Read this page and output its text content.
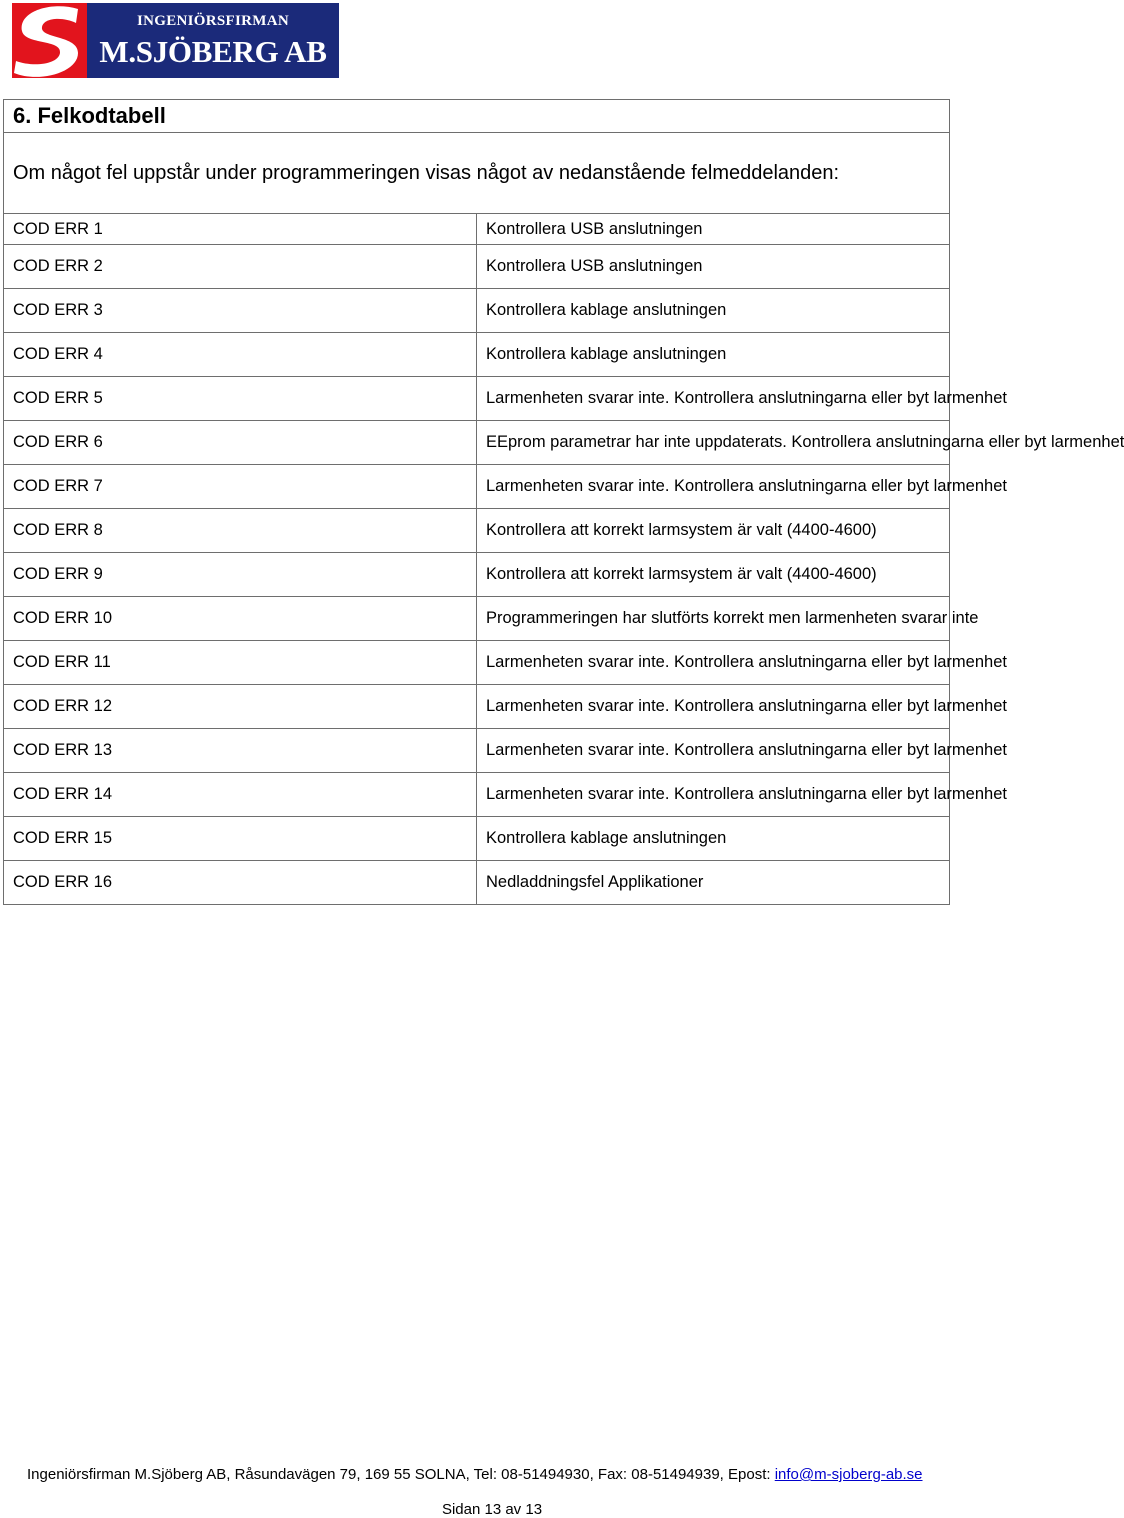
INGENIÖRSFIRMAN
M.SJÖBERG AB
6. Felkodtabell	
Om något fel uppstår under programmeringen visas något av nedanstående felmeddelanden:	
COD ERR 1	Kontrollera USB anslutningen
COD ERR 2	Kontrollera USB anslutningen
COD ERR 3	Kontrollera kablage anslutningen
COD ERR 4	Kontrollera kablage anslutningen
COD ERR 5	Larmenheten svarar inte. Kontrollera anslutningarna eller byt larmenhet
COD ERR 6	EEprom parametrar har inte uppdaterats. Kontrollera anslutningarna eller byt larmenhet
COD ERR 7	Larmenheten svarar inte. Kontrollera anslutningarna eller byt larmenhet
COD ERR 8	Kontrollera att korrekt larmsystem är valt (4400-4600)
COD ERR 9	Kontrollera att korrekt larmsystem är valt (4400-4600)
COD ERR 10	Programmeringen har slutförts korrekt men larmenheten svarar inte
COD ERR 11	Larmenheten svarar inte. Kontrollera anslutningarna eller byt larmenhet
COD ERR 12	Larmenheten svarar inte. Kontrollera anslutningarna eller byt larmenhet
COD ERR 13	Larmenheten svarar inte. Kontrollera anslutningarna eller byt larmenhet
COD ERR 14	Larmenheten svarar inte. Kontrollera anslutningarna eller byt larmenhet
COD ERR 15	Kontrollera kablage anslutningen
COD ERR 16	Nedladdningsfel Applikationer
Ingeniörsfirman M.Sjöberg AB, Råsundavägen 79, 169 55 SOLNA, Tel: 08-51494930, Fax: 08-51494939, Epost: info@m-sjoberg-ab.se
Sidan 13 av 13
